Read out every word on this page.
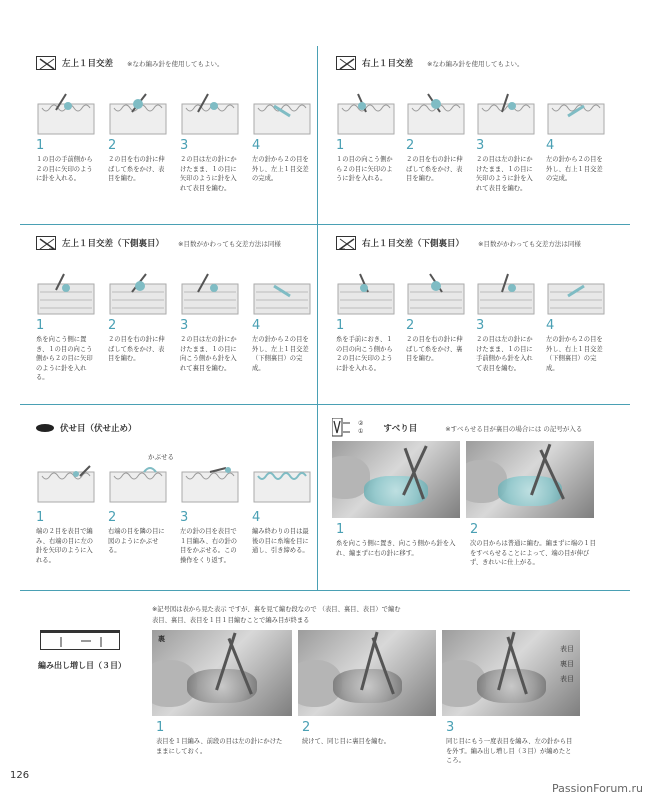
左上１目交差 ※なわ編み針を使用してもよい。
1
１の目の手前側から２の目に矢印のように針を入れる。
2
２の目を右の針に伸ばして糸をかけ、表目を編む。
3
２の目は左の針にかけたまま、１の目に矢印のように針を入れて表目を編む。
4
左の針から２の目を外し、左上１目交差の完成。
右上１目交差 ※なわ編み針を使用してもよい。
1
１の目の向こう側から２の目に矢印のように針を入れる。
2
２の目を右の針に伸ばして糸をかけ、表目を編む。
3
２の目は左の針にかけたまま、１の目に矢印のように針を入れて表目を編む。
4
左の針から２の目を外し、右上１目交差の完成。
左上１目交差（下側裏目） ※目数がかわっても交差方法は同様
1
糸を向こう側に置き、１の目の向こう側から２の目に矢印のように針を入れる。
2
２の目を右の針に伸ばして糸をかけ、表目を編む。
3
２の目は左の針にかけたまま、１の目に向こう側から針を入れて裏目を編む。
4
左の針から２の目を外し、左上１目交差（下側裏目）の完成。
右上１目交差（下側裏目） ※目数がかわっても交差方法は同様
1
糸を手前におき、１の目の向こう側から２の目に矢印のように針を入れる。
2
２の目を右の針に伸ばして糸をかけ、裏目を編む。
3
２の目は左の針にかけたまま、１の目に手前側から針を入れて表目を編む。
4
左の針から２の目を外し、右上１目交差（下側裏目）の完成。
伏せ目（伏せ止め）
かぶせる
1
端の２目を表目で編み、右端の目に左の針を矢印のように入れる。
2
右端の目を隣の目に図のようにかぶせる。
3
左の針の目を表目で１目編み、右の針の目をかぶせる。この操作をくり返す。
4
編み終わりの目は最後の目に糸端を目に通し、引き締める。
②
① すべり目	※すべらせる目が裏目の場合には の記号が入る
1
糸を向こう側に置き、向こう側から針を入れ、編まずに右の針に移す。
2
次の目からは普通に編む。編まずに端の１目をすべらせることによって、端の目が伸びず、きれいに仕上がる。
※記号図は表から見た表示 ですが、裏を見て編む段なので （表目、裏目、表目）で編む
表目、裏目、表目を１目１目編むことで編み目が終まる
編み出し増し目（３目）
裏
表目
裏目
表目
1
表目を１目編み、前段の目は左の針にかけたままにしておく。
2
続けて、同じ目に裏目を編む。
3
同じ目にもう一度表目を編み、左の針から目を外す。編み出し増し目（３目）が編めたところ。
126
PassionForum.ru
